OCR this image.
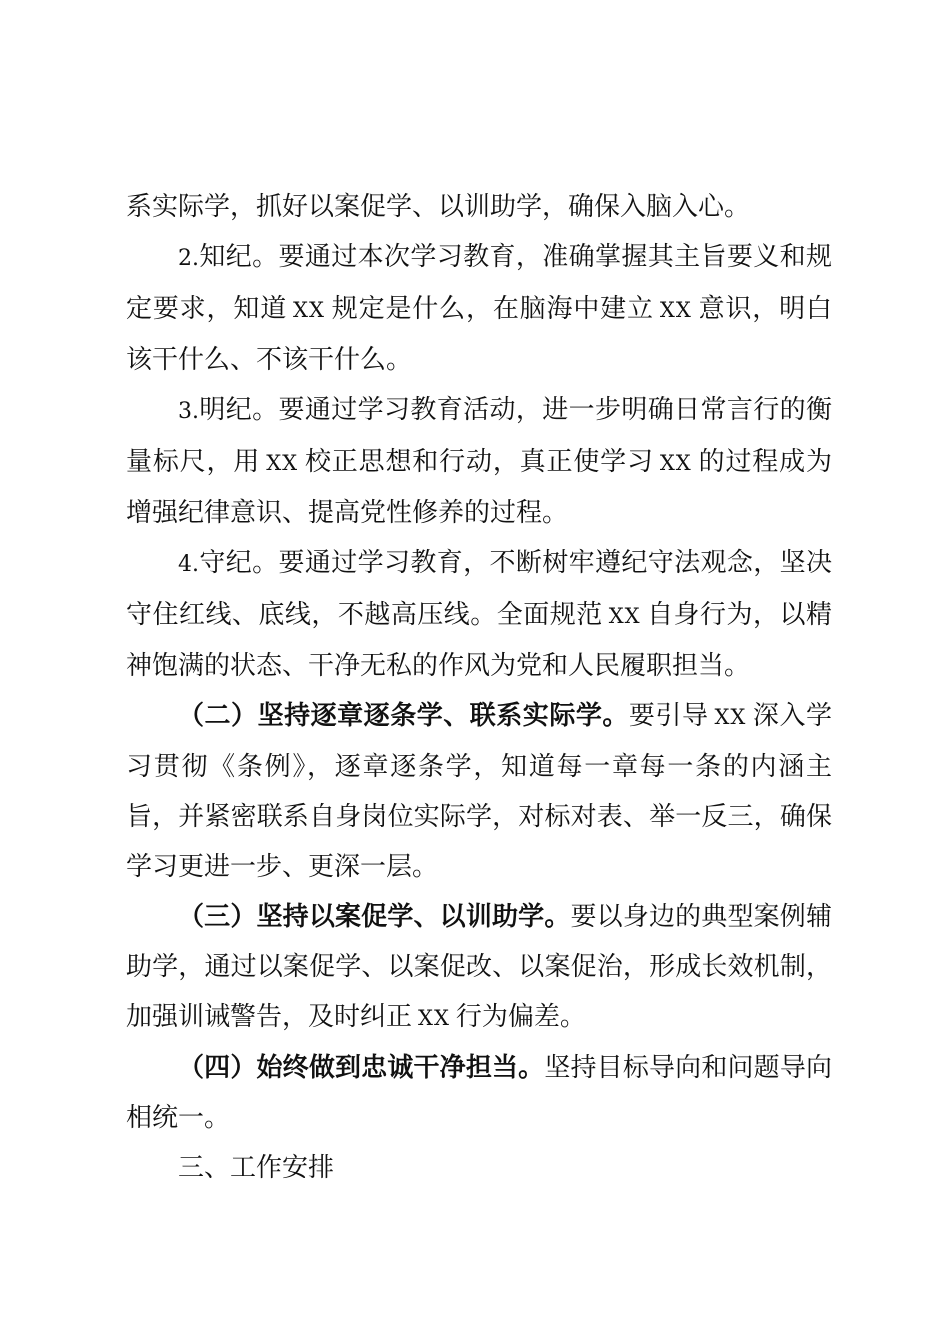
系实际学，抓好以案促学、以训助学，确保入脑入心。

2.知纪。要通过本次学习教育，准确掌握其主旨要义和规定要求，知道 XX 规定是什么，在脑海中建立 XX 意识，明白该干什么、不该干什么。

3.明纪。要通过学习教育活动，进一步明确日常言行的衡量标尺，用 XX 校正思想和行动，真正使学习 XX 的过程成为增强纪律意识、提高党性修养的过程。

4.守纪。要通过学习教育，不断树牢遵纪守法观念，坚决守住红线、底线，不越高压线。全面规范 XX 自身行为，以精神饱满的状态、干净无私的作风为党和人民履职担当。

（二）坚持逐章逐条学、联系实际学。要引导 XX 深入学习贯彻《条例》，逐章逐条学，知道每一章每一条的内涵主旨，并紧密联系自身岗位实际学，对标对表、举一反三，确保学习更进一步、更深一层。

（三）坚持以案促学、以训助学。要以身边的典型案例辅助学，通过以案促学、以案促改、以案促治，形成长效机制，加强训诫警告，及时纠正 XX 行为偏差。

（四）始终做到忠诚干净担当。坚持目标导向和问题导向相统一。

三、工作安排
